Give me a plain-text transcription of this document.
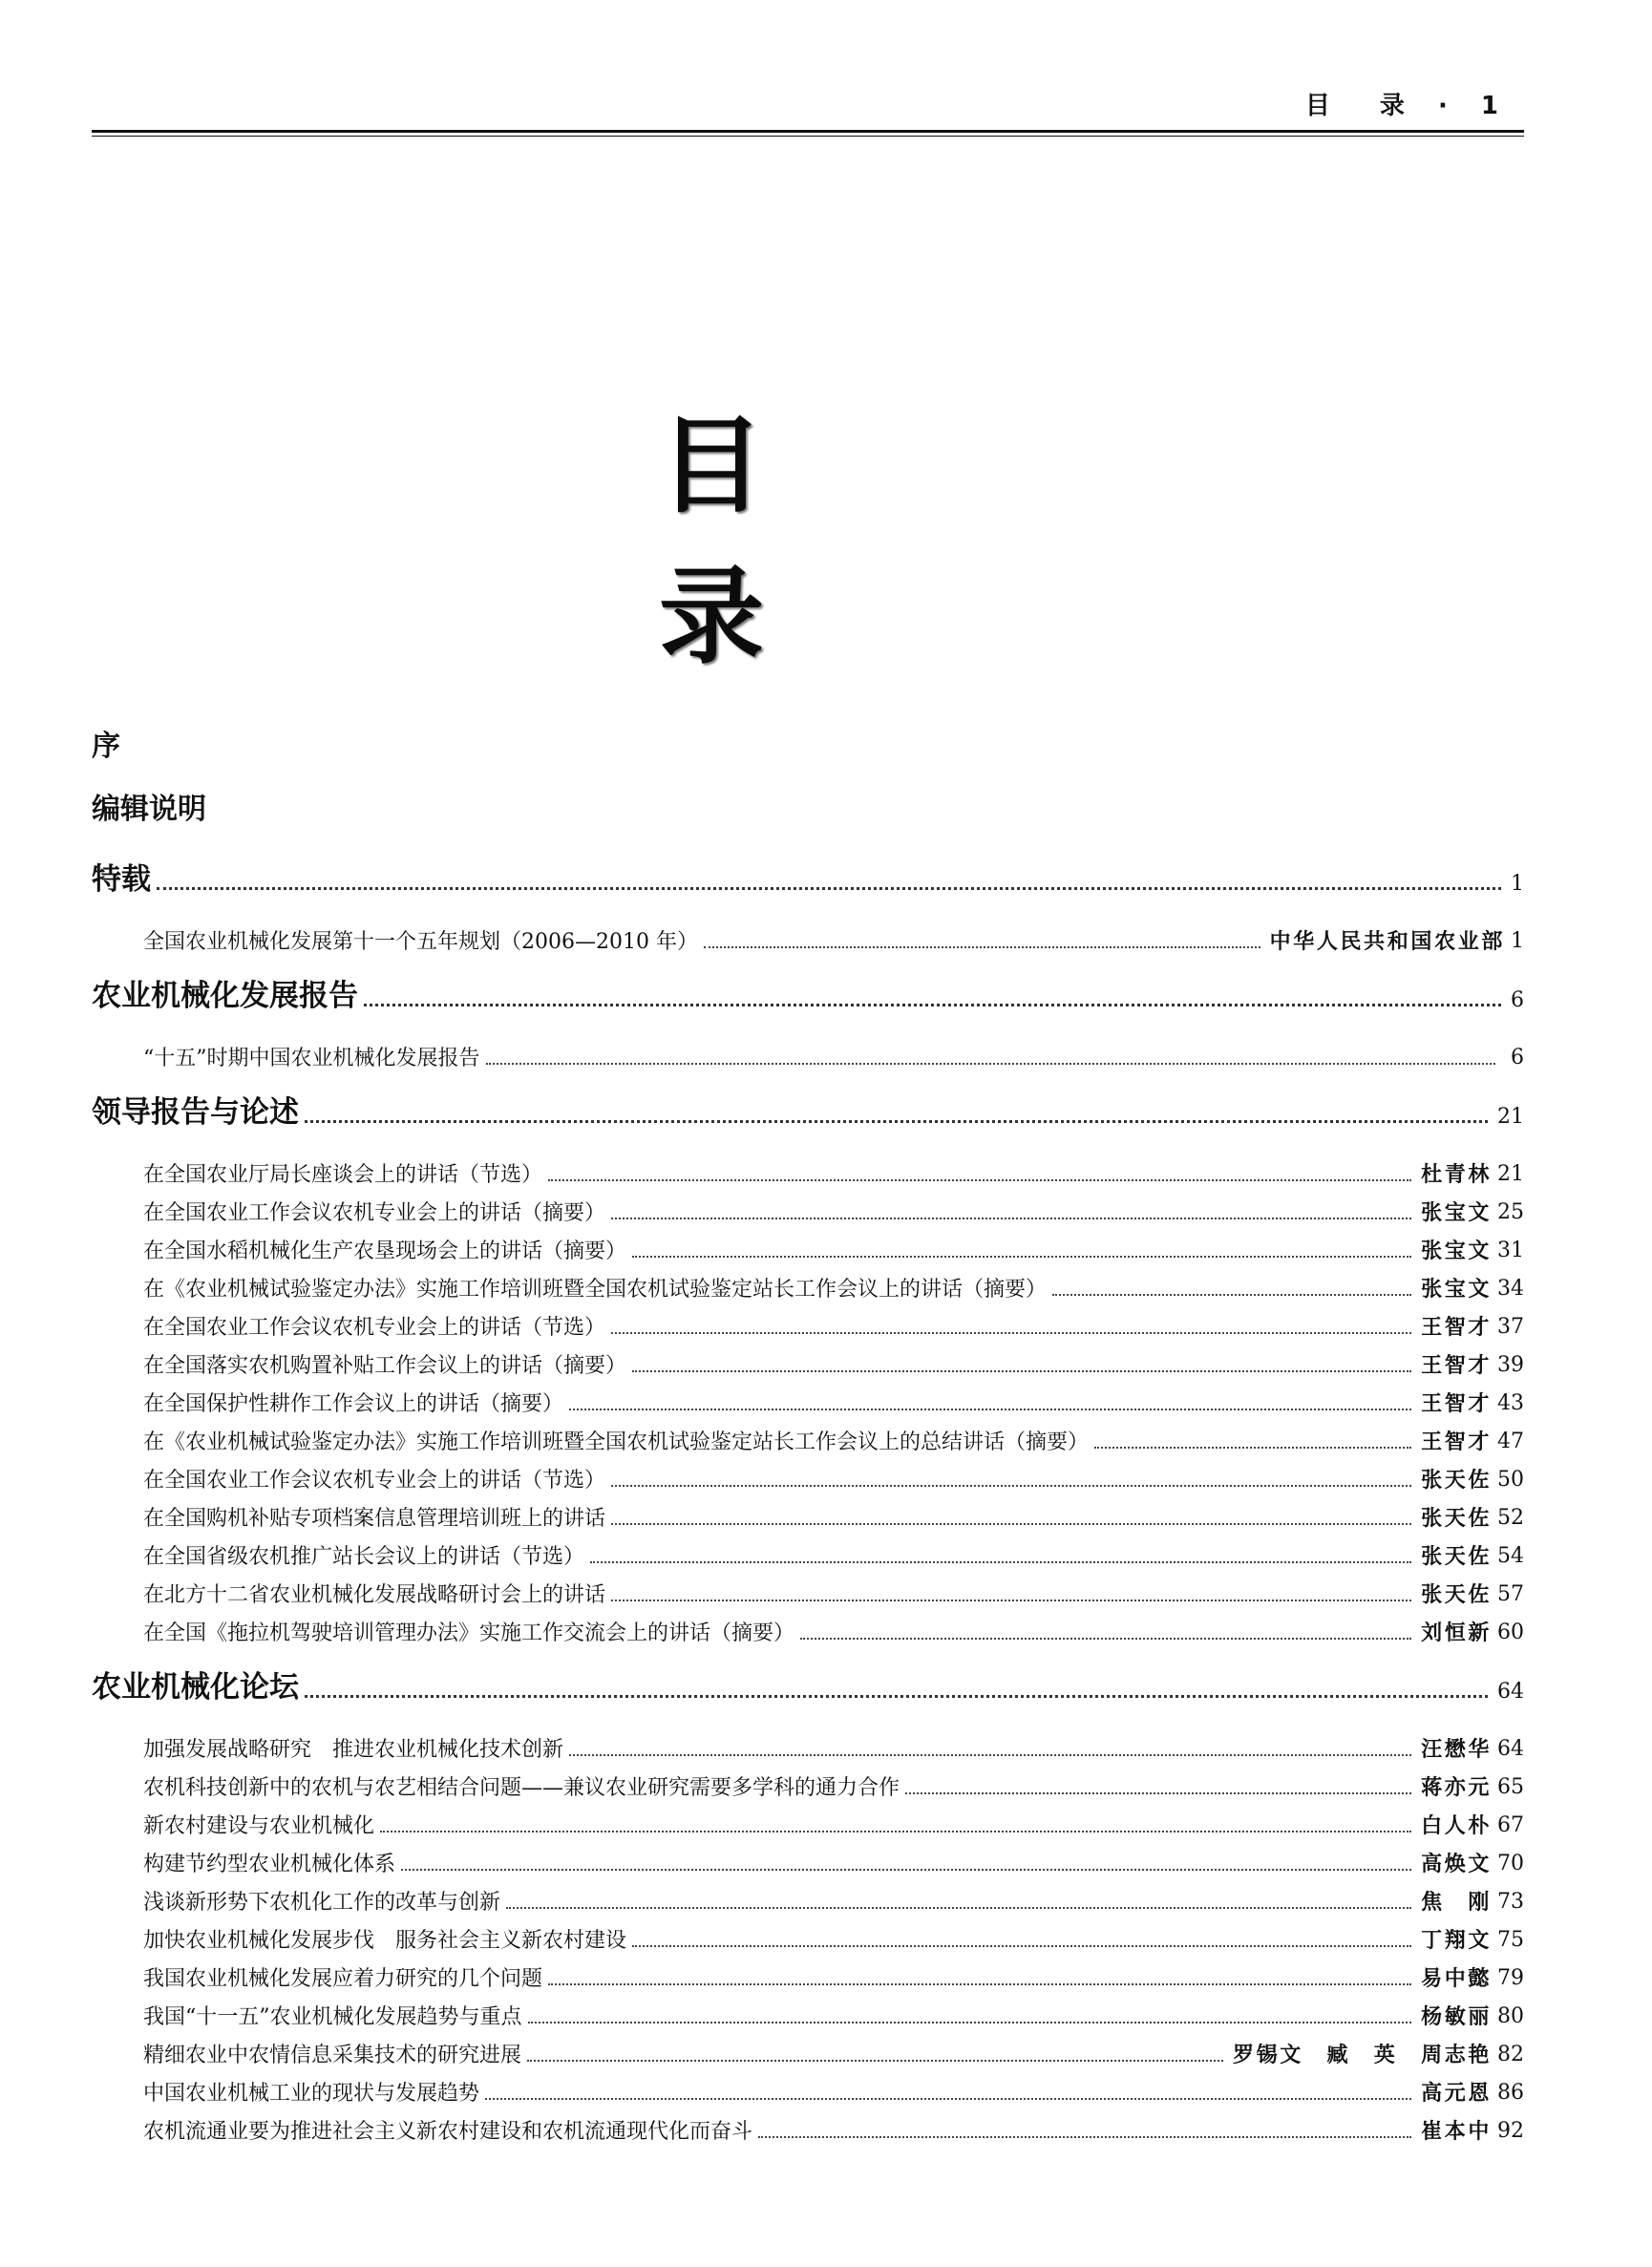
目　录 · 1
目录
序
编辑说明
特载	1
全国农业机械化发展第十一个五年规划（2006—2010 年）	中华人民共和国农业部 1
农业机械化发展报告	6
“十五”时期中国农业机械化发展报告	6
领导报告与论述	21
在全国农业厅局长座谈会上的讲话（节选）	杜青林 21
在全国农业工作会议农机专业会上的讲话（摘要）	张宝文 25
在全国水稻机械化生产农垦现场会上的讲话（摘要）	张宝文 31
在《农业机械试验鉴定办法》实施工作培训班暨全国农机试验鉴定站长工作会议上的讲话（摘要）	张宝文 34
在全国农业工作会议农机专业会上的讲话（节选）	王智才 37
在全国落实农机购置补贴工作会议上的讲话（摘要）	王智才 39
在全国保护性耕作工作会议上的讲话（摘要）	王智才 43
在《农业机械试验鉴定办法》实施工作培训班暨全国农机试验鉴定站长工作会议上的总结讲话（摘要）	王智才 47
在全国农业工作会议农机专业会上的讲话（节选）	张天佐 50
在全国购机补贴专项档案信息管理培训班上的讲话	张天佐 52
在全国省级农机推广站长会议上的讲话（节选）	张天佐 54
在北方十二省农业机械化发展战略研讨会上的讲话	张天佐 57
在全国《拖拉机驾驶培训管理办法》实施工作交流会上的讲话（摘要）	刘恒新 60
农业机械化论坛	64
加强发展战略研究　推进农业机械化技术创新	汪懋华 64
农机科技创新中的农机与农艺相结合问题——兼议农业研究需要多学科的通力合作	蒋亦元 65
新农村建设与农业机械化	白人朴 67
构建节约型农业机械化体系	高焕文 70
浅谈新形势下农机化工作的改革与创新	焦　刚 73
加快农业机械化发展步伐　服务社会主义新农村建设	丁翔文 75
我国农业机械化发展应着力研究的几个问题	易中懿 79
我国“十一五”农业机械化发展趋势与重点	杨敏丽 80
精细农业中农情信息采集技术的研究进展	罗锡文　臧　英　周志艳 82
中国农业机械工业的现状与发展趋势	高元恩 86
农机流通业要为推进社会主义新农村建设和农机流通现代化而奋斗	崔本中 92
